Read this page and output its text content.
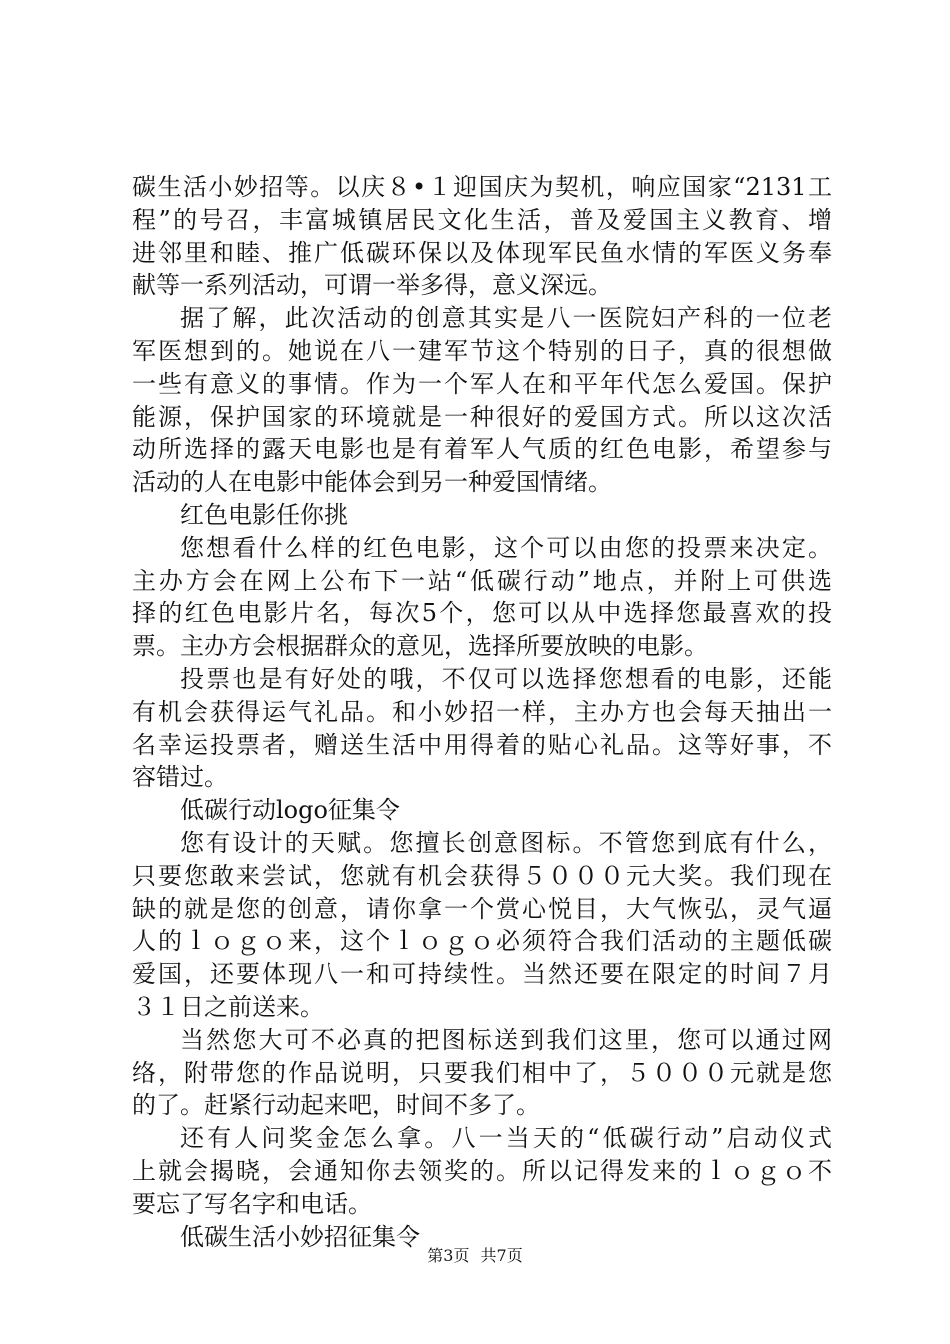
碳生活小妙招等。以庆８•１迎国庆为契机，响应国家“2131工
程”的号召，丰富城镇居民文化生活，普及爱国主义教育、增
进邻里和睦、推广低碳环保以及体现军民鱼水情的军医义务奉
献等一系列活动，可谓一举多得，意义深远。
据了解，此次活动的创意其实是八一医院妇产科的一位老
军医想到的。她说在八一建军节这个特别的日子，真的很想做
一些有意义的事情。作为一个军人在和平年代怎么爱国。保护
能源，保护国家的环境就是一种很好的爱国方式。所以这次活
动所选择的露天电影也是有着军人气质的红色电影，希望参与
活动的人在电影中能体会到另一种爱国情绪。
红色电影任你挑
您想看什么样的红色电影，这个可以由您的投票来决定。
主办方会在网上公布下一站“低碳行动”地点，并附上可供选
择的红色电影片名，每次5个，您可以从中选择您最喜欢的投
票。主办方会根据群众的意见，选择所要放映的电影。
投票也是有好处的哦，不仅可以选择您想看的电影，还能
有机会获得运气礼品。和小妙招一样，主办方也会每天抽出一
名幸运投票者，赠送生活中用得着的贴心礼品。这等好事，不
容错过。
低碳行动logo征集令
您有设计的天赋。您擅长创意图标。不管您到底有什么，
只要您敢来尝试，您就有机会获得５０００元大奖。我们现在
缺的就是您的创意，请你拿一个赏心悦目，大气恢弘，灵气逼
人的ｌｏｇｏ来，这个ｌｏｇｏ必须符合我们活动的主题低碳
爱国，还要体现八一和可持续性。当然还要在限定的时间７月
３１日之前送来。
当然您大可不必真的把图标送到我们这里，您可以通过网
络，附带您的作品说明，只要我们相中了，５０００元就是您
的了。赶紧行动起来吧，时间不多了。
还有人问奖金怎么拿。八一当天的“低碳行动”启动仪式
上就会揭晓，会通知你去领奖的。所以记得发来的ｌｏｇｏ不
要忘了写名字和电话。
低碳生活小妙招征集令
第3页 共7页
